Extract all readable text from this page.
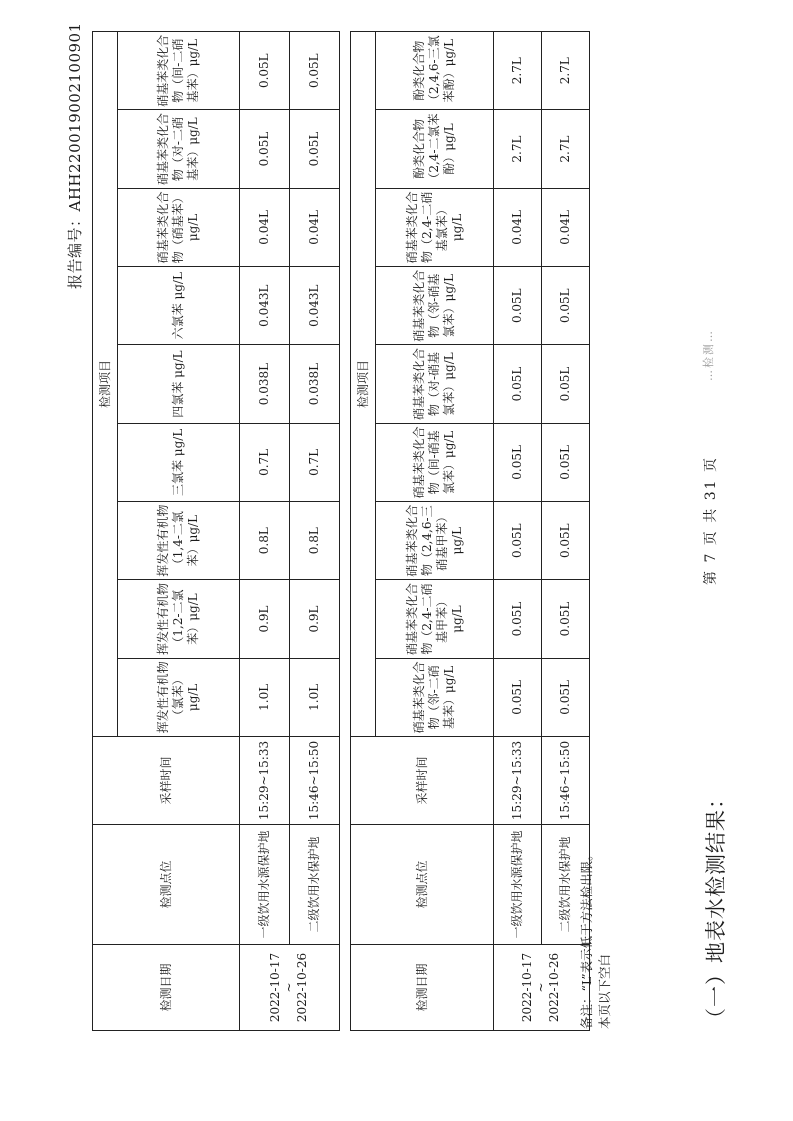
报告编号：AHH220019002100901
（一）地表水检测结果：
检测日期	检测点位	采样时间	检测项目								
			挥发性有机物（氯苯）μg/L	挥发性有机物（1,2-二氯苯）μg/L	挥发性有机物（1,4-二氯苯）μg/L	三氯苯 μg/L	四氯苯 μg/L	六氯苯 μg/L	硝基苯类化合物（硝基苯）μg/L	硝基苯类化合物（对-二硝基苯）μg/L	硝基苯类化合物（间-二硝基苯）μg/L

2022-10-17 ~ 2022-10-26	一级饮用水源保护地	15:29~15:33	1.0L	0.9L	0.8L	0.7L	0.038L	0.043L	0.04L	0.05L	0.05L
	二级饮用水保护地	15:46~15:50	1.0L	0.9L	0.8L	0.7L	0.038L	0.043L	0.04L	0.05L	0.05L
检测日期	检测点位	采样时间	检测项目								
			硝基苯类化合物（邻-二硝基苯）μg/L	硝基苯类化合物（2,4-二硝基甲苯）μg/L	硝基苯类化合物（2,4,6-三硝基甲苯）μg/L	硝基苯类化合物（间-硝基氯苯）μg/L	硝基苯类化合物（对-硝基氯苯）μg/L	硝基苯类化合物（邻-硝基氯苯）μg/L	硝基苯类化合物（2,4-二硝基氯苯）μg/L	酚类化合物（2,4-二氯苯酚）μg/L	酚类化合物（2,4,6-三氯苯酚）μg/L

2022-10-17 ~ 2022-10-26	一级饮用水源保护地	15:29~15:33	0.05L	0.05L	0.05L	0.05L	0.05L	0.05L	0.04L	2.7L	2.7L
	二级饮用水保护地	15:46~15:50	0.05L	0.05L	0.05L	0.05L	0.05L	0.05L	0.04L	2.7L	2.7L
备注：“L”表示低于方法检出限。 本页以下空白
第 7 页 共 31 页
…检测…
